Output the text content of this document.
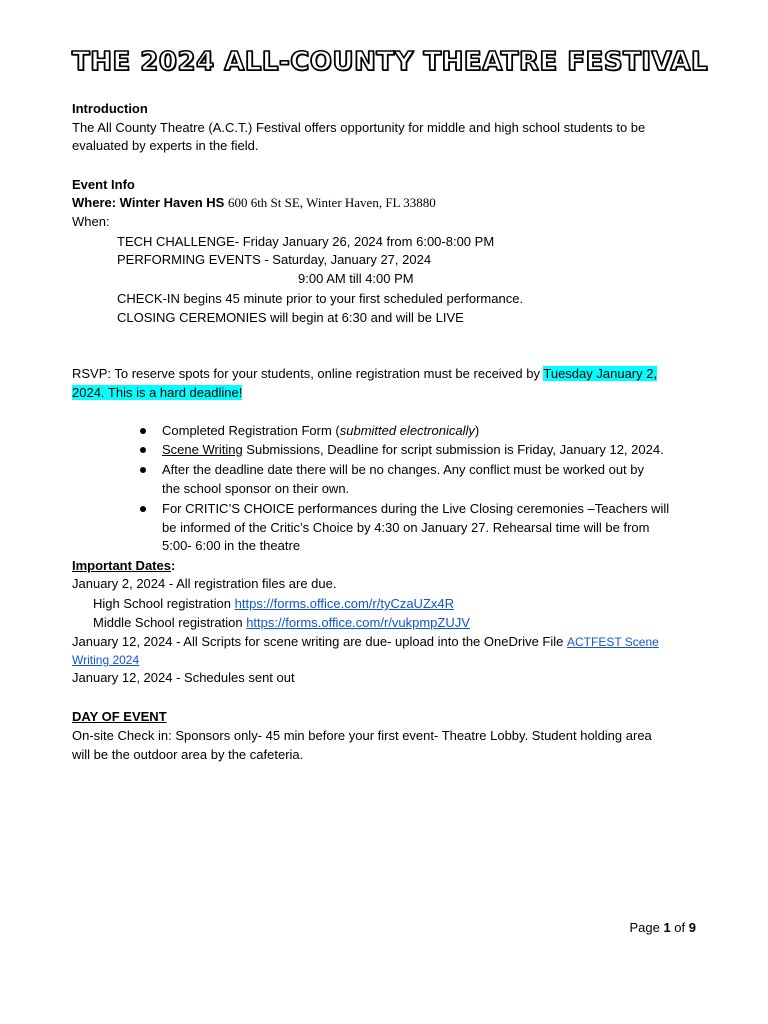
THE 2024 ALL-COUNTY THEATRE FESTIVAL
Introduction
The All County Theatre (A.C.T.) Festival offers opportunity for middle and high school students to be
evaluated by experts in the field.
Event Info
Where: Winter Haven HS 600 6th St SE, Winter Haven, FL 33880
When:
TECH CHALLENGE- Friday January 26, 2024 from 6:00-8:00 PM
PERFORMING EVENTS - Saturday, January 27, 2024
9:00 AM till 4:00 PM
CHECK-IN begins 45 minute prior to your first scheduled performance.
CLOSING CEREMONIES will begin at 6:30 and will be LIVE
RSVP: To reserve spots for your students, online registration must be received by Tuesday January 2,
2024. This is a hard deadline!
Completed Registration Form (submitted electronically)
Scene Writing Submissions, Deadline for script submission is Friday, January 12, 2024.
After the deadline date there will be no changes. Any conflict must be worked out by
the school sponsor on their own.
For CRITIC’S CHOICE performances during the Live Closing ceremonies –Teachers will
be informed of the Critic’s Choice by 4:30 on January 27. Rehearsal time will be from
5:00- 6:00 in the theatre
Important Dates:
January 2, 2024 - All registration files are due.
High School registration https://forms.office.com/r/tyCzaUZx4R
Middle School registration https://forms.office.com/r/vukpmpZUJV
January 12, 2024 - All Scripts for scene writing are due- upload into the OneDrive File ACTFEST Scene
Writing 2024
January 12, 2024 - Schedules sent out
DAY OF EVENT
On-site Check in: Sponsors only- 45 min before your first event- Theatre Lobby. Student holding area
will be the outdoor area by the cafeteria.
Page 1 of 9
